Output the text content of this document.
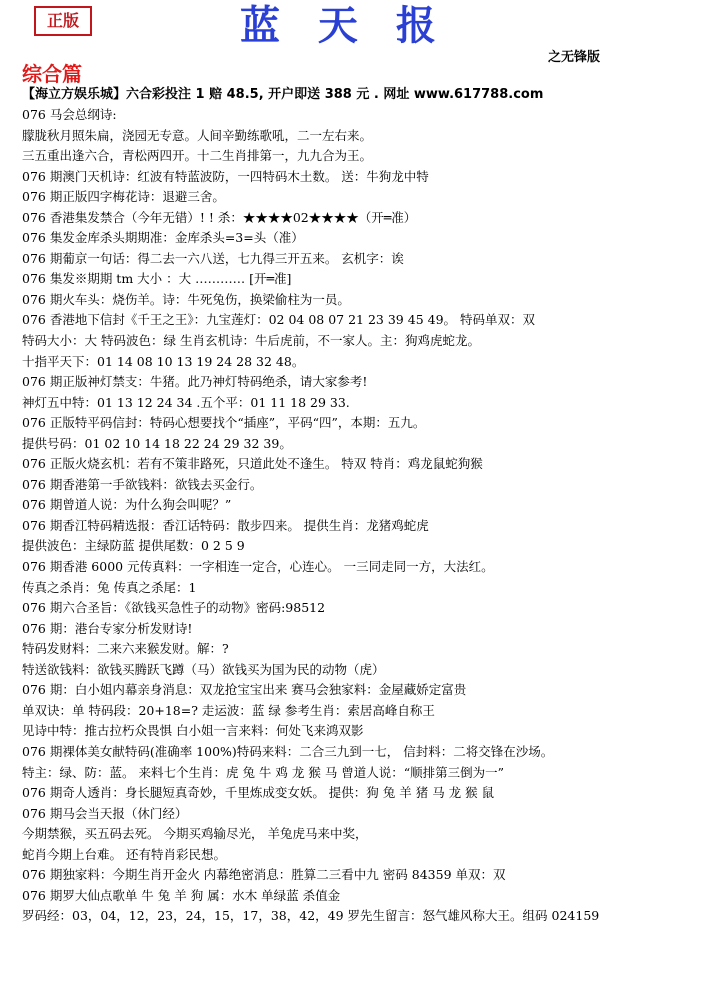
正版	蓝 天 报
之无锋版
综合篇
【海立方娱乐城】六合彩投注 1 赔 48.5, 开户即送 388 元 . 网址 www.617788.com
076 马会总纲诗:
朦胧秋月照朱扁，浇园无专意。人间辛勤练歌吼，二一左右来。
三五重出逢六合，青松两四开。十二生肖排第一，九九合为王。
076 期澳门天机诗：红波有特蓝波防，一四特码木土数。 送：牛狗龙中特
076 期正版四字梅花诗：退避三舍。
076 香港集发禁合（今年无错）! ! 杀：★★★★02★★★★（开═准）
076 集发金库杀头期期准：金库杀头=3=头（准）
076 期葡京一句话：得二去一六八送，七九得三开五来。 玄机字：诶
076 集发※期期 tm 大小 ：大 ………… [开═准]
076 期火车头：烧伤羊。诗：牛死兔伤，换梁偷柱为一员。
076 香港地下信封《千王之王》：九宝莲灯：02 04 08 07 21 23 39 45 49。 特码单双：双
特码大小：大 特码波色：绿 生肖玄机诗：牛后虎前，不一家人。主：狗鸡虎蛇龙。
十指平天下：01 14 08 10 13 19 24 28 32 48。
076 期正版神灯禁支：牛猪。此乃神灯特码绝杀，请大家参考!
神灯五中特：01 13 12 24 34 .五个平：01 11 18 29 33.
076 正版特平码信封：特码心想要找个“插座”，平码“四”，本期：五九。
提供号码：01 02 10 14 18 22 24 29 32 39。
076 正版火烧玄机：若有不策非路死，只道此处不逢生。 特双 特肖：鸡龙鼠蛇狗猴
076 期香港第一手欲钱料：欲钱去买金行。
076 期曾道人说：为什么狗会叫呢？”
076 期香江特码精选报：香江话特码：散步四来。 提供生肖：龙猪鸡蛇虎
提供波色：主绿防蓝 提供尾数：0 2 5 9
076 期香港 6000 元传真料：一字相连一定合，心连心。 一三同走同一方，大法红。
传真之杀肖：兔 传真之杀尾：1
076 期六合圣旨：《欲钱买急性子的动物》密码:98512
076 期：港台专家分析发财诗!
特码发财料：二来六来猴发财。解：?
特送欲钱料：欲钱买腾跃飞蹲（马）欲钱买为国为民的动物（虎）
076 期：白小姐内幕亲身消息：双龙抢宝宝出来 赛马会独家料：金屋藏娇定富贵
单双诀：单 特码段：20+18=? 走运波：蓝 绿 参考生肖：索居高峰自称王
见诗中特：推古拉朽众畏惧 白小姐一言来料：何处飞来鸿双影
076 期裸体美女献特码(准确率 100%)特码来料：二合三九到一七， 信封料：二将交锋在沙场。
特主：绿、防：蓝。 来料七个生肖：虎 兔 牛 鸡 龙 猴 马 曾道人说：“顺排第三倒为一”
076 期奇人透肖：身长腿短真奇妙，千里炼成变女妖。 提供：狗 兔 羊 猪 马 龙 猴 鼠
076 期马会当天报（休门经）
今期禁猴，买五码去死。 今期买鸡输尽光， 羊兔虎马来中奖，
蛇肖今期上台难。 还有特肖彩民想。
076 期独家料：今期生肖开金火 内幕绝密消息：胜算二三看中九 密码 84359 单双：双
076 期罗大仙点歌单 牛 兔 羊 狗 属：水木 单绿蓝 杀值金
罗码经：03，04，12，23，24，15，17，38，42，49 罗先生留言：怒气雄风称大王。组码 024159
